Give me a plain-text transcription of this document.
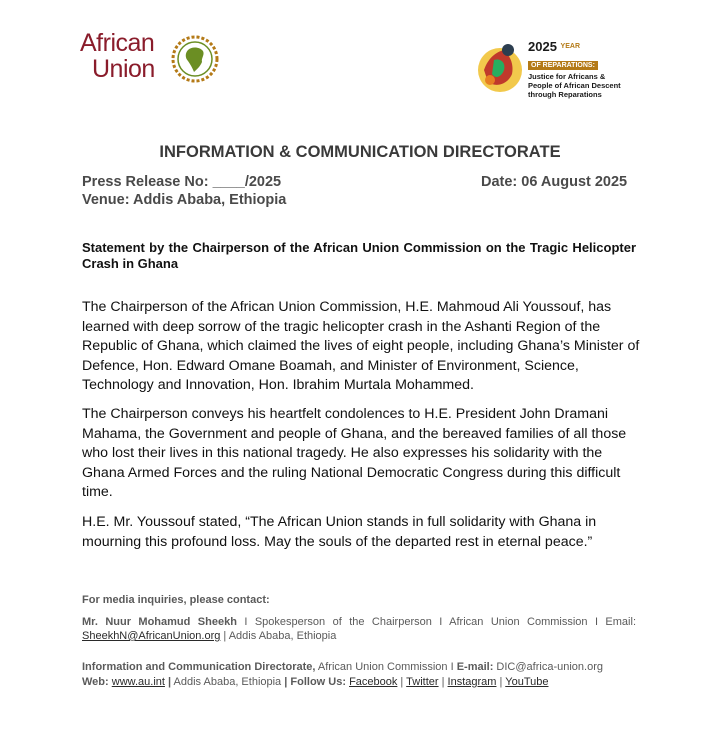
African
Union
2025 $^{YEAR}$
OF REPARATIONS:
Justice for Africans &
People of African Descent
through Reparations
INFORMATION & COMMUNICATION DIRECTORATE
Press Release No: ____/2025	Date: 06 August 2025
Venue: Addis Ababa, Ethiopia
Statement by the Chairperson of the African Union Commission on the Tragic Helicopter Crash in Ghana
The Chairperson of the African Union Commission, H.E. Mahmoud Ali Youssouf, has learned with deep sorrow of the tragic helicopter crash in the Ashanti Region of the Republic of Ghana, which claimed the lives of eight people, including Ghana’s Minister of Defence, Hon. Edward Omane Boamah, and Minister of Environment, Science, Technology and Innovation, Hon. Ibrahim Murtala Mohammed.
The Chairperson conveys his heartfelt condolences to H.E. President John Dramani Mahama, the Government and people of Ghana, and the bereaved families of all those who lost their lives in this national tragedy. He also expresses his solidarity with the Ghana Armed Forces and the ruling National Democratic Congress during this difficult time.
H.E. Mr. Youssouf stated, “The African Union stands in full solidarity with Ghana in mourning this profound loss. May the souls of the departed rest in eternal peace.”
For media inquiries, please contact:
Mr. Nuur Mohamud Sheekh I Spokesperson of the Chairperson I African Union Commission I Email: SheekhN@AfricanUnion.org | Addis Ababa, Ethiopia
Information and Communication Directorate, African Union Commission I E-mail: DIC@africa-union.org
Web: www.au.int | Addis Ababa, Ethiopia | Follow Us: Facebook | Twitter | Instagram | YouTube
